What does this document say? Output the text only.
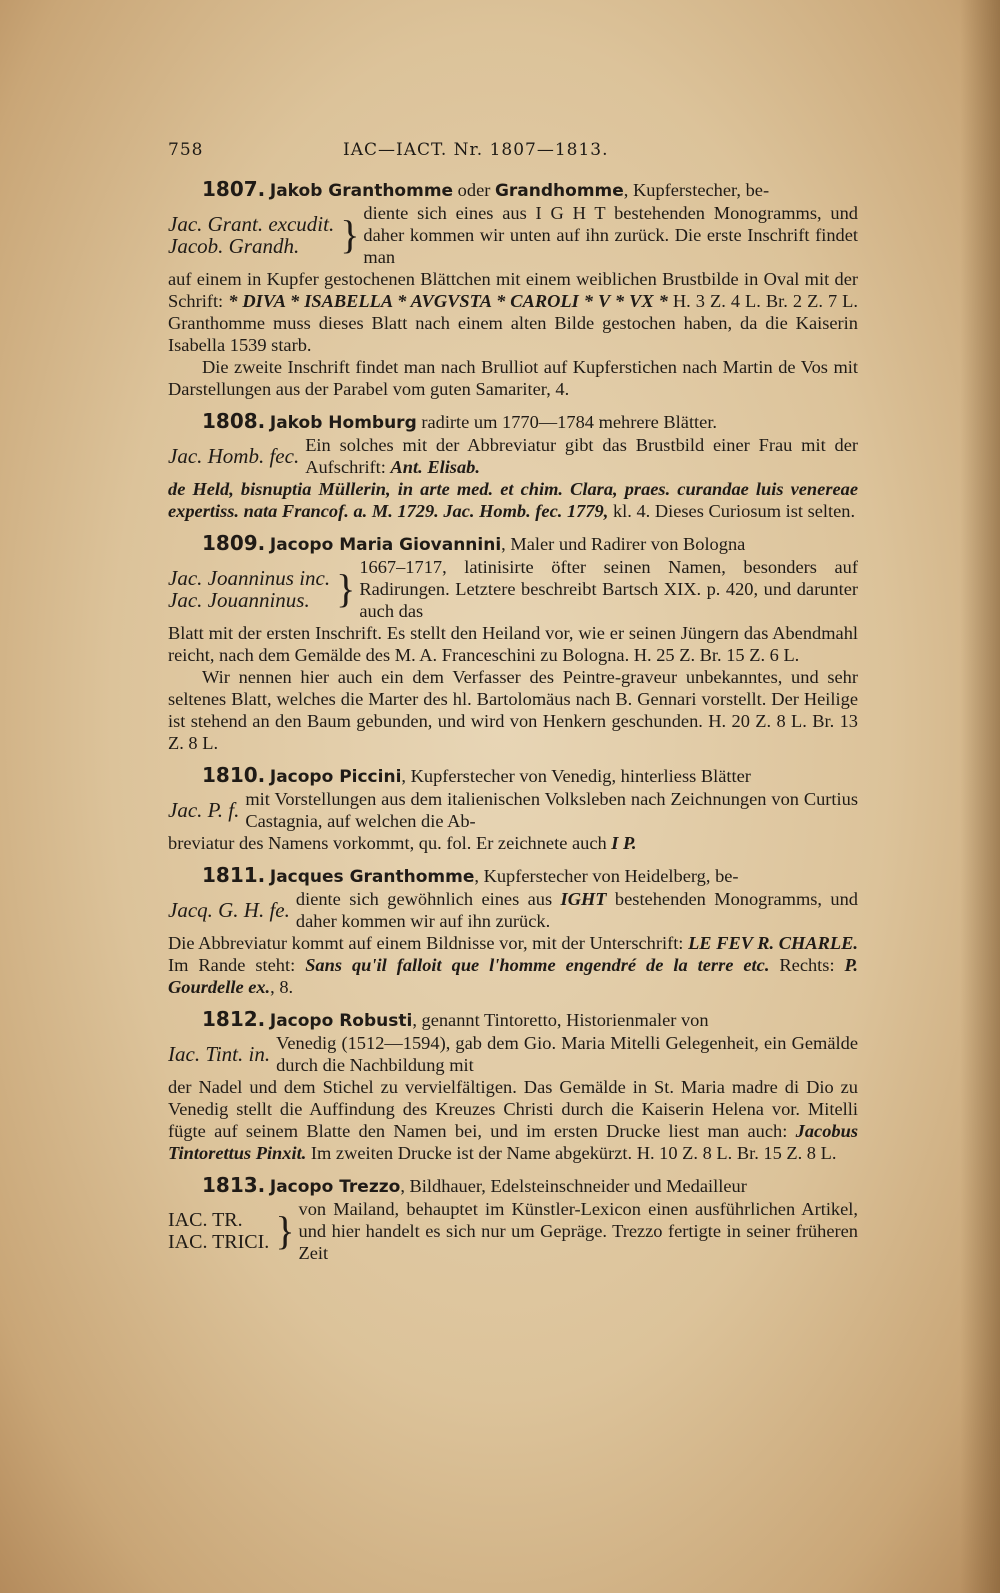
758	IAC—IACT. Nr. 1807—1813.

1807. Jakob Granthomme oder Grandhomme, Kupferstecher, be-

Jac. Grant. excudit.
Jacob. Grandh.	} diente sich eines aus I G H T bestehenden Monogramms, und daher kommen wir unten auf ihn zurück. Die erste Inschrift findet man

auf einem in Kupfer gestochenen Blättchen mit einem weiblichen Brustbilde in Oval mit der Schrift: * DIVA * ISABELLA * AVGVSTA * CAROLI * V * VX * H. 3 Z. 4 L. Br. 2 Z. 7 L. Granthomme muss dieses Blatt nach einem alten Bilde gestochen haben, da die Kaiserin Isabella 1539 starb.

Die zweite Inschrift findet man nach Brulliot auf Kupferstichen nach Martin de Vos mit Darstellungen aus der Parabel vom guten Samariter, 4.

1808. Jakob Homburg radirte um 1770—1784 mehrere Blätter.

Jac. Homb. fec. Ein solches mit der Abbreviatur gibt das Brustbild einer Frau mit der Aufschrift: Ant. Elisab.

de Held, bisnuptia Müllerin, in arte med. et chim. Clara, praes. curandae luis venereae expertiss. nata Francof. a. M. 1729. Jac. Homb. fec. 1779, kl. 4. Dieses Curiosum ist selten.

1809. Jacopo Maria Giovannini, Maler und Radirer von Bologna

Jac. Joanninus inc.
Jac. Jouanninus. } 1667–1717, latinisirte öfter seinen Namen, besonders auf Radirungen. Letztere beschreibt Bartsch XIX. p. 420, und darunter auch das

Blatt mit der ersten Inschrift. Es stellt den Heiland vor, wie er seinen Jüngern das Abendmahl reicht, nach dem Gemälde des M. A. Franceschini zu Bologna. H. 25 Z. Br. 15 Z. 6 L.

Wir nennen hier auch ein dem Verfasser des Peintre-graveur unbekanntes, und sehr seltenes Blatt, welches die Marter des hl. Bartolomäus nach B. Gennari vorstellt. Der Heilige ist stehend an den Baum gebunden, und wird von Henkern geschunden. H. 20 Z. 8 L. Br. 13 Z. 8 L.

1810. Jacopo Piccini, Kupferstecher von Venedig, hinterliess Blätter

Jac. P. f. mit Vorstellungen aus dem italienischen Volksleben nach Zeichnungen von Curtius Castagnia, auf welchen die Ab-

breviatur des Namens vorkommt, qu. fol. Er zeichnete auch I P.

1811. Jacques Granthomme, Kupferstecher von Heidelberg, be-

Jacq. G. H. fe. diente sich gewöhnlich eines aus IGHT bestehenden Monogramms, und daher kommen wir auf ihn zurück.

Die Abbreviatur kommt auf einem Bildnisse vor, mit der Unterschrift: LE FEV R. CHARLE. Im Rande steht: Sans qu'il falloit que l'homme engendré de la terre etc. Rechts: P. Gourdelle ex., 8.

1812. Jacopo Robusti, genannt Tintoretto, Historienmaler von

Iac. Tint. in. Venedig (1512—1594), gab dem Gio. Maria Mitelli Gelegenheit, ein Gemälde durch die Nachbildung mit

der Nadel und dem Stichel zu vervielfältigen. Das Gemälde in St. Maria madre di Dio zu Venedig stellt die Auffindung des Kreuzes Christi durch die Kaiserin Helena vor. Mitelli fügte auf seinem Blatte den Namen bei, und im ersten Drucke liest man auch: Jacobus Tintorettus Pinxit. Im zweiten Drucke ist der Name abgekürzt. H. 10 Z. 8 L. Br. 15 Z. 8 L.

1813. Jacopo Trezzo, Bildhauer, Edelsteinschneider und Medailleur

IAC. TR.
IAC. TRICI. } von Mailand, behauptet im Künstler-Lexicon einen ausführlichen Artikel, und hier handelt es sich nur um Gepräge. Trezzo fertigte in seiner früheren Zeit
